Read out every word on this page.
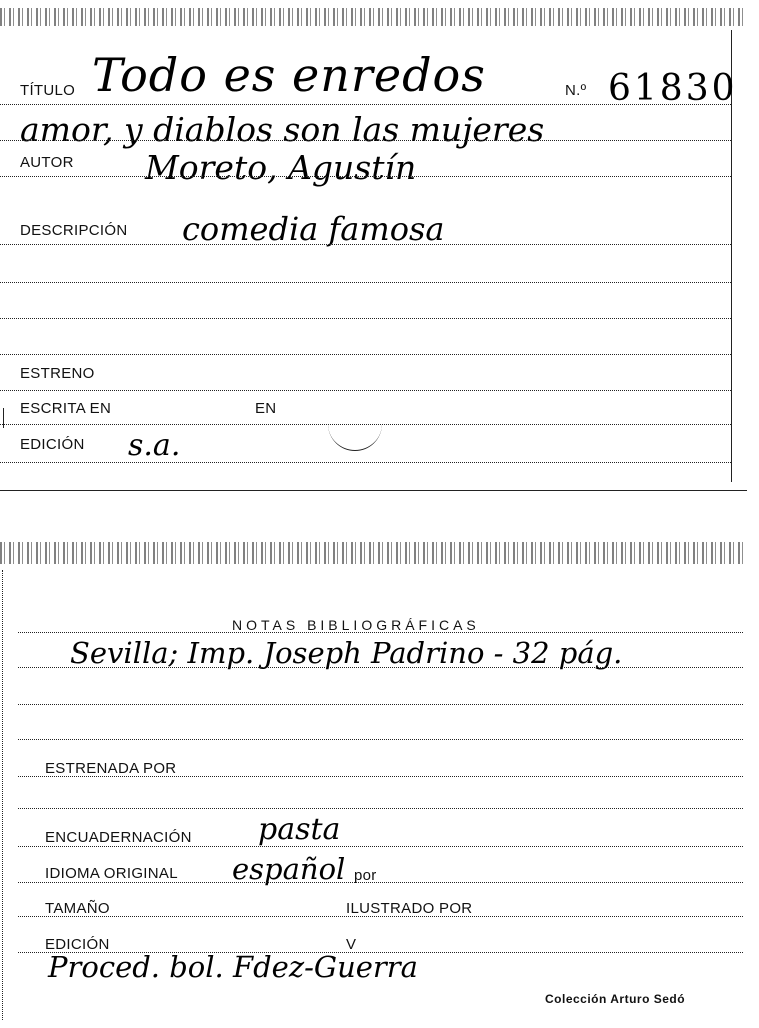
TÍTULO Todo es enredos	N.º 61830
amor, y diablos son las mujeres
AUTOR Moreto, Agustín
DESCRIPCIÓN comedia famosa
ESTRENO
ESCRITA EN	EN
EDICIÓN s.a.
NOTAS BIBLIOGRÁFICAS
Sevilla; Imp. Joseph Padrino - 32 pág.
ESTRENADA POR
ENCUADERNACIÓN pasta
IDIOMA ORIGINAL español por
TAMAÑO	ILUSTRADO POR
EDICIÓN	V
Proced. bol. Fdez-Guerra
Colección Arturo Sedó
